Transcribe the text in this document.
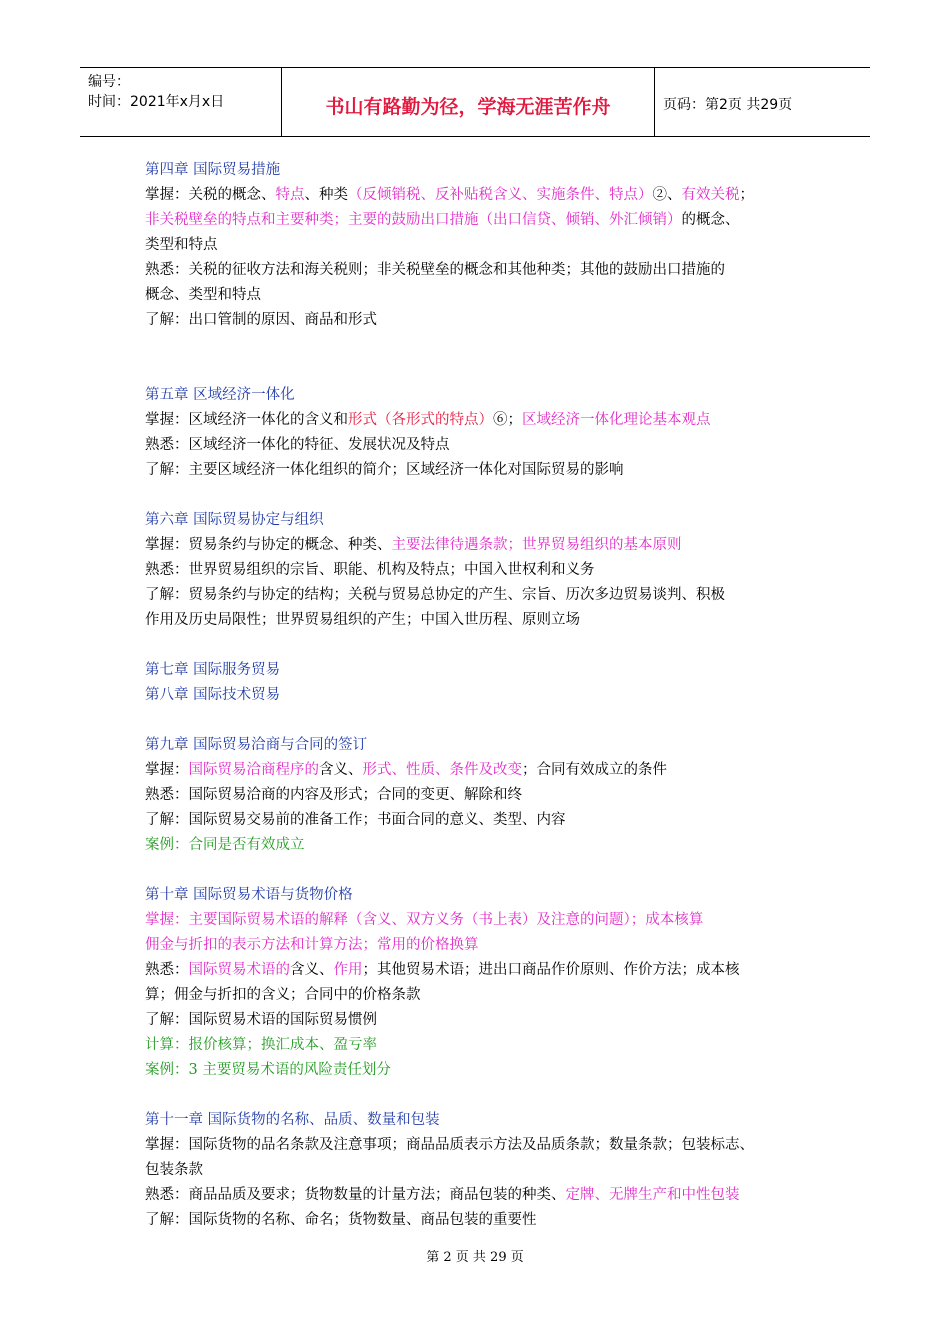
编号：
时间：2021年x月x日	书山有路勤为径，学海无涯苦作舟	页码：第2页 共29页
第四章 国际贸易措施
掌握：关税的概念、特点、种类（反倾销税、反补贴税含义、实施条件、特点）②、有效关税；
非关税壁垒的特点和主要种类；主要的鼓励出口措施（出口信贷、倾销、外汇倾销）的概念、
类型和特点
熟悉：关税的征收方法和海关税则；非关税壁垒的概念和其他种类；其他的鼓励出口措施的
概念、类型和特点
了解：出口管制的原因、商品和形式
第五章 区域经济一体化
掌握：区域经济一体化的含义和形式（各形式的特点）⑥；区域经济一体化理论基本观点
熟悉：区域经济一体化的特征、发展状况及特点
了解：主要区域经济一体化组织的简介；区域经济一体化对国际贸易的影响
第六章 国际贸易协定与组织
掌握：贸易条约与协定的概念、种类、主要法律待遇条款；世界贸易组织的基本原则
熟悉：世界贸易组织的宗旨、职能、机构及特点；中国入世权利和义务
了解：贸易条约与协定的结构；关税与贸易总协定的产生、宗旨、历次多边贸易谈判、积极
作用及历史局限性；世界贸易组织的产生；中国入世历程、原则立场
第七章 国际服务贸易
第八章 国际技术贸易
第九章 国际贸易洽商与合同的签订
掌握：国际贸易洽商程序的含义、形式、性质、条件及改变；合同有效成立的条件
熟悉：国际贸易洽商的内容及形式；合同的变更、解除和终
了解：国际贸易交易前的准备工作；书面合同的意义、类型、内容
案例：合同是否有效成立
第十章 国际贸易术语与货物价格
掌握：主要国际贸易术语的解释（含义、双方义务（书上表）及注意的问题）；成本核算
佣金与折扣的表示方法和计算方法；常用的价格换算
熟悉：国际贸易术语的含义、作用；其他贸易术语；进出口商品作价原则、作价方法；成本核
算；佣金与折扣的含义；合同中的价格条款
了解：国际贸易术语的国际贸易惯例
计算：报价核算；换汇成本、盈亏率
案例：3 主要贸易术语的风险责任划分
第十一章 国际货物的名称、品质、数量和包装
掌握：国际货物的品名条款及注意事项；商品品质表示方法及品质条款；数量条款；包装标志、
包装条款
熟悉：商品品质及要求；货物数量的计量方法；商品包装的种类、定牌、无牌生产和中性包装
了解：国际货物的名称、命名；货物数量、商品包装的重要性
第 2 页 共 29 页
